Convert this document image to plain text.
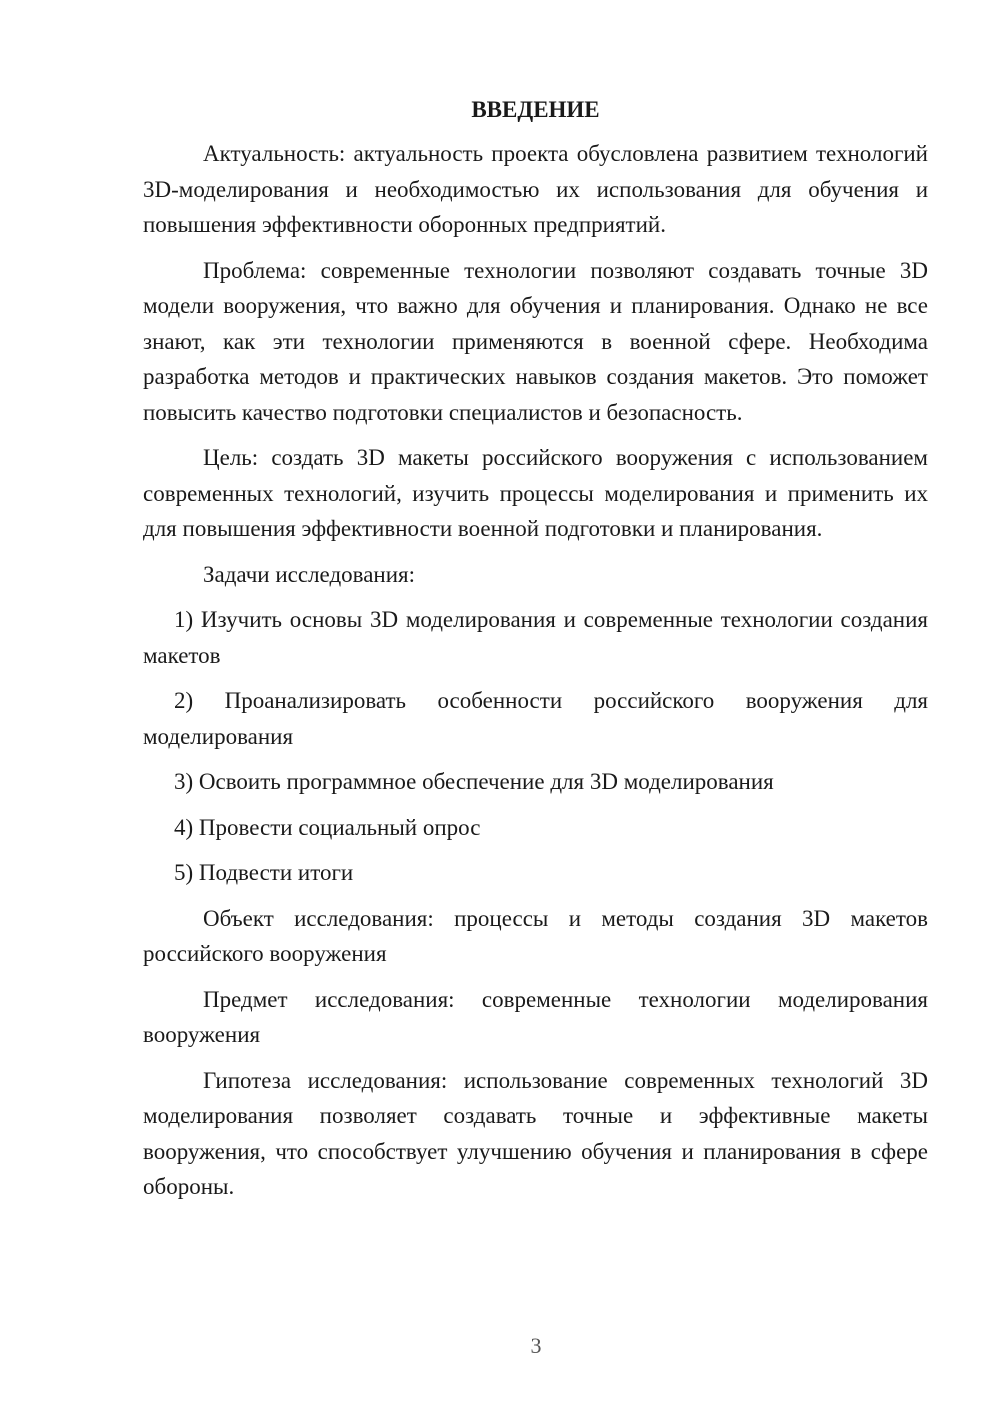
ВВЕДЕНИЕ

Актуальность: актуальность проекта обусловлена развитием технологий 3D-моделирования и необходимостью их использования для обучения и повышения эффективности оборонных предприятий.

Проблема: современные технологии позволяют создавать точные 3D модели вооружения, что важно для обучения и планирования. Однако не все знают, как эти технологии применяются в военной сфере. Необходима разработка методов и практических навыков создания макетов. Это поможет повысить качество подготовки специалистов и безопасность.

Цель: создать 3D макеты российского вооружения с использованием современных технологий, изучить процессы моделирования и применить их для повышения эффективности военной подготовки и планирования.

Задачи исследования:

1) Изучить основы 3D моделирования и современные технологии создания макетов

2) Проанализировать особенности российского вооружения для моделирования

3) Освоить программное обеспечение для 3D моделирования

4) Провести социальный опрос

5) Подвести итоги

Объект исследования: процессы и методы создания 3D макетов российского вооружения

Предмет исследования: современные технологии моделирования вооружения

Гипотеза исследования: использование современных технологий 3D моделирования позволяет создавать точные и эффективные макеты вооружения, что способствует улучшению обучения и планирования в сфере обороны.

3
